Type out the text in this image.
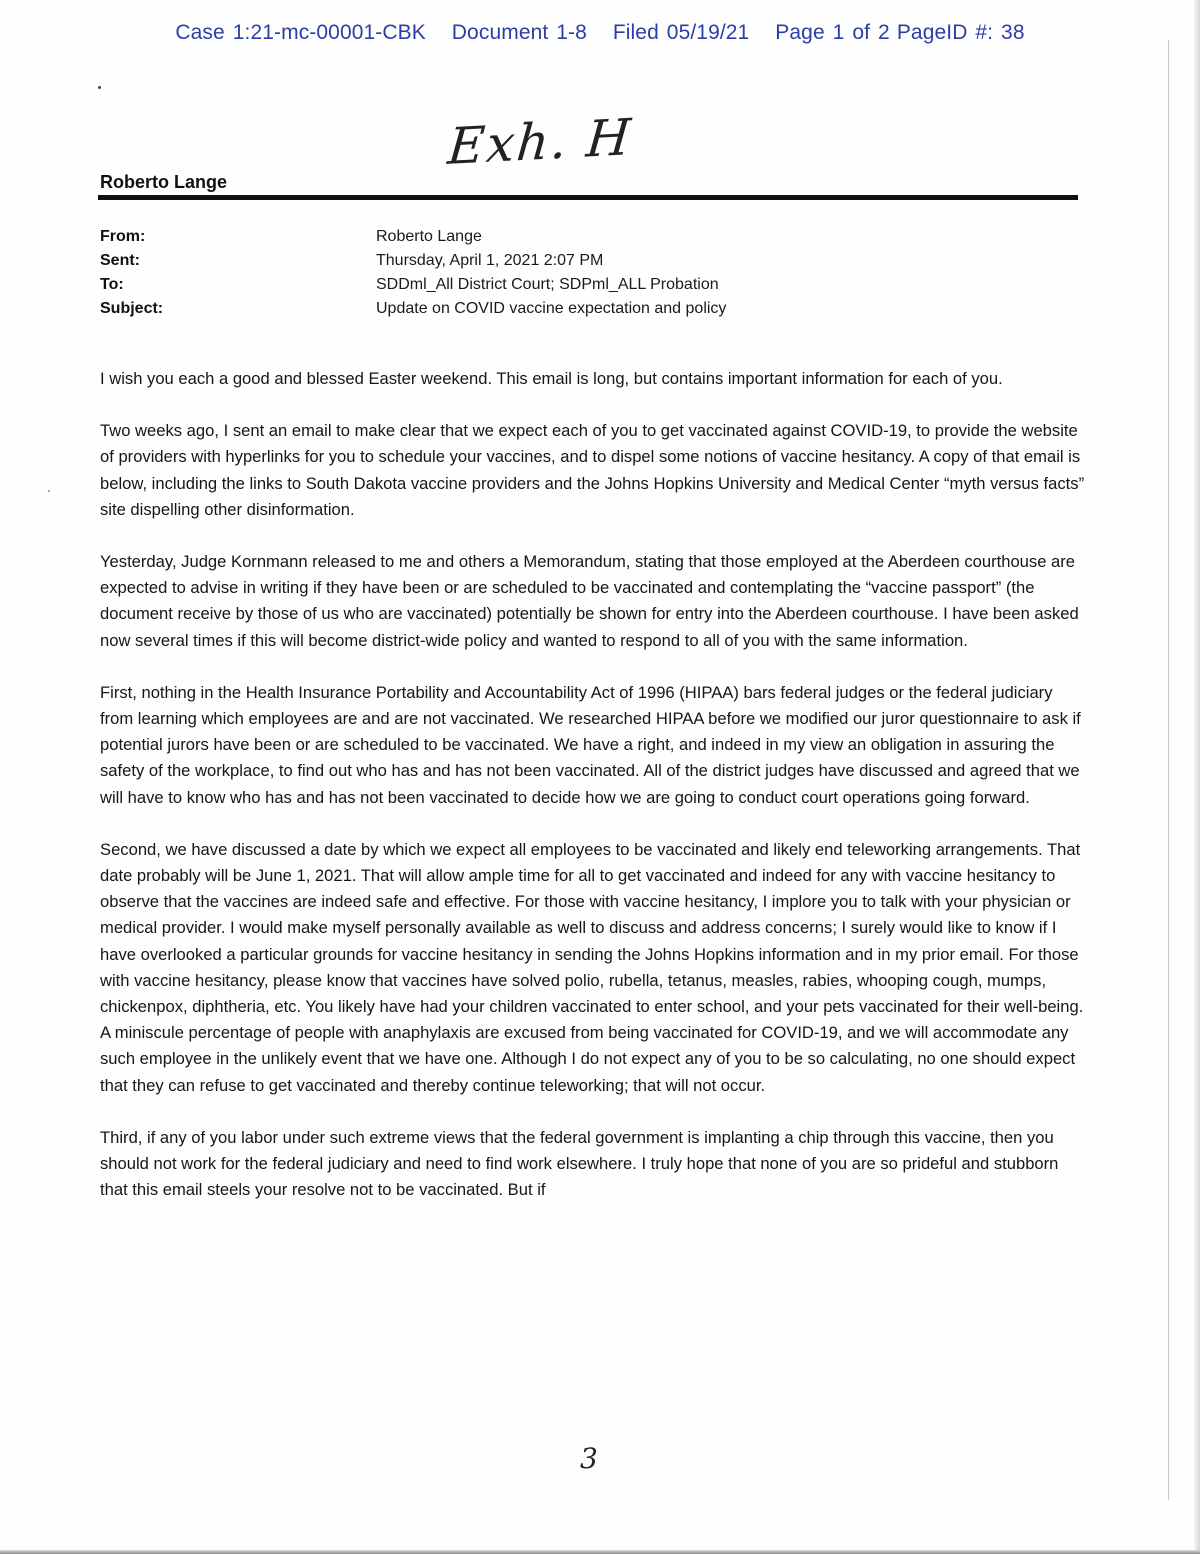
Case 1:21-mc-00001-CBK Document 1-8 Filed 05/19/21 Page 1 of 2 PageID #: 38
Exh. H
Roberto Lange
From:	Roberto Lange
Sent:	Thursday, April 1, 2021 2:07 PM
To:	SDDml_All District Court; SDPml_ALL Probation
Subject:	Update on COVID vaccine expectation and policy

I wish you each a good and blessed Easter weekend. This email is long, but contains important information for each of you.

Two weeks ago, I sent an email to make clear that we expect each of you to get vaccinated against COVID-19, to provide the website of providers with hyperlinks for you to schedule your vaccines, and to dispel some notions of vaccine hesitancy. A copy of that email is below, including the links to South Dakota vaccine providers and the Johns Hopkins University and Medical Center “myth versus facts” site dispelling other disinformation.

Yesterday, Judge Kornmann released to me and others a Memorandum, stating that those employed at the Aberdeen courthouse are expected to advise in writing if they have been or are scheduled to be vaccinated and contemplating the “vaccine passport” (the document receive by those of us who are vaccinated) potentially be shown for entry into the Aberdeen courthouse. I have been asked now several times if this will become district-wide policy and wanted to respond to all of you with the same information.

First, nothing in the Health Insurance Portability and Accountability Act of 1996 (HIPAA) bars federal judges or the federal judiciary from learning which employees are and are not vaccinated. We researched HIPAA before we modified our juror questionnaire to ask if potential jurors have been or are scheduled to be vaccinated. We have a right, and indeed in my view an obligation in assuring the safety of the workplace, to find out who has and has not been vaccinated. All of the district judges have discussed and agreed that we will have to know who has and has not been vaccinated to decide how we are going to conduct court operations going forward.

Second, we have discussed a date by which we expect all employees to be vaccinated and likely end teleworking arrangements. That date probably will be June 1, 2021. That will allow ample time for all to get vaccinated and indeed for any with vaccine hesitancy to observe that the vaccines are indeed safe and effective. For those with vaccine hesitancy, I implore you to talk with your physician or medical provider. I would make myself personally available as well to discuss and address concerns; I surely would like to know if I have overlooked a particular grounds for vaccine hesitancy in sending the Johns Hopkins information and in my prior email. For those with vaccine hesitancy, please know that vaccines have solved polio, rubella, tetanus, measles, rabies, whooping cough, mumps, chickenpox, diphtheria, etc. You likely have had your children vaccinated to enter school, and your pets vaccinated for their well-being. A miniscule percentage of people with anaphylaxis are excused from being vaccinated for COVID-19, and we will accommodate any such employee in the unlikely event that we have one. Although I do not expect any of you to be so calculating, no one should expect that they can refuse to get vaccinated and thereby continue teleworking; that will not occur.

Third, if any of you labor under such extreme views that the federal government is implanting a chip through this vaccine, then you should not work for the federal judiciary and need to find work elsewhere. I truly hope that none of you are so prideful and stubborn that this email steels your resolve not to be vaccinated. But if

3
